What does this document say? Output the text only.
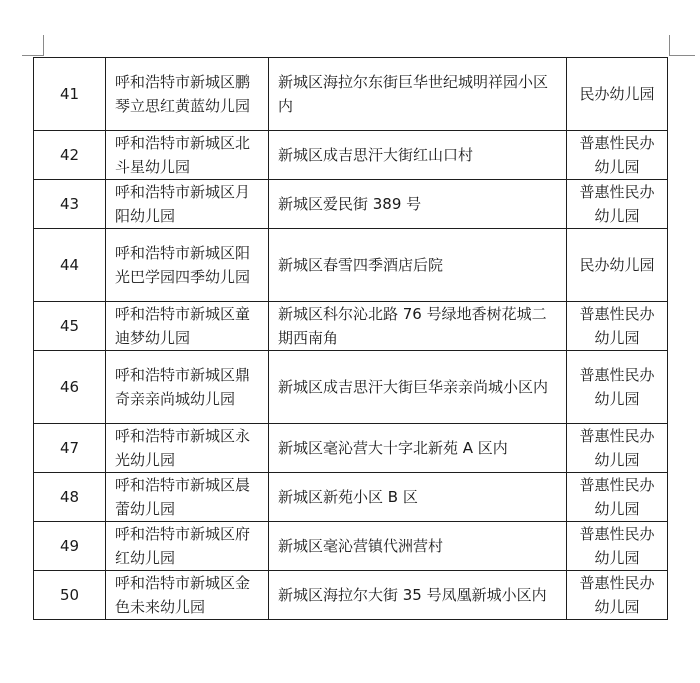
41	呼和浩特市新城区鹏琴立思红黄蓝幼儿园	新城区海拉尔东街巨华世纪城明祥园小区内	民办幼儿园
42	呼和浩特市新城区北斗星幼儿园	新城区成吉思汗大街红山口村	普惠性民办幼儿园
43	呼和浩特市新城区月阳幼儿园	新城区爱民街 389 号	普惠性民办幼儿园
44	呼和浩特市新城区阳光巴学园四季幼儿园	新城区春雪四季酒店后院	民办幼儿园
45	呼和浩特市新城区童迪梦幼儿园	新城区科尔沁北路 76 号绿地香树花城二期西南角	普惠性民办幼儿园
46	呼和浩特市新城区鼎奇亲亲尚城幼儿园	新城区成吉思汗大街巨华亲亲尚城小区内	普惠性民办幼儿园
47	呼和浩特市新城区永光幼儿园	新城区毫沁营大十字北新苑 A 区内	普惠性民办幼儿园
48	呼和浩特市新城区晨蕾幼儿园	新城区新苑小区 B 区	普惠性民办幼儿园
49	呼和浩特市新城区府红幼儿园	新城区毫沁营镇代洲营村	普惠性民办幼儿园
50	呼和浩特市新城区金色未来幼儿园	新城区海拉尔大街 35 号凤凰新城小区内	普惠性民办幼儿园
